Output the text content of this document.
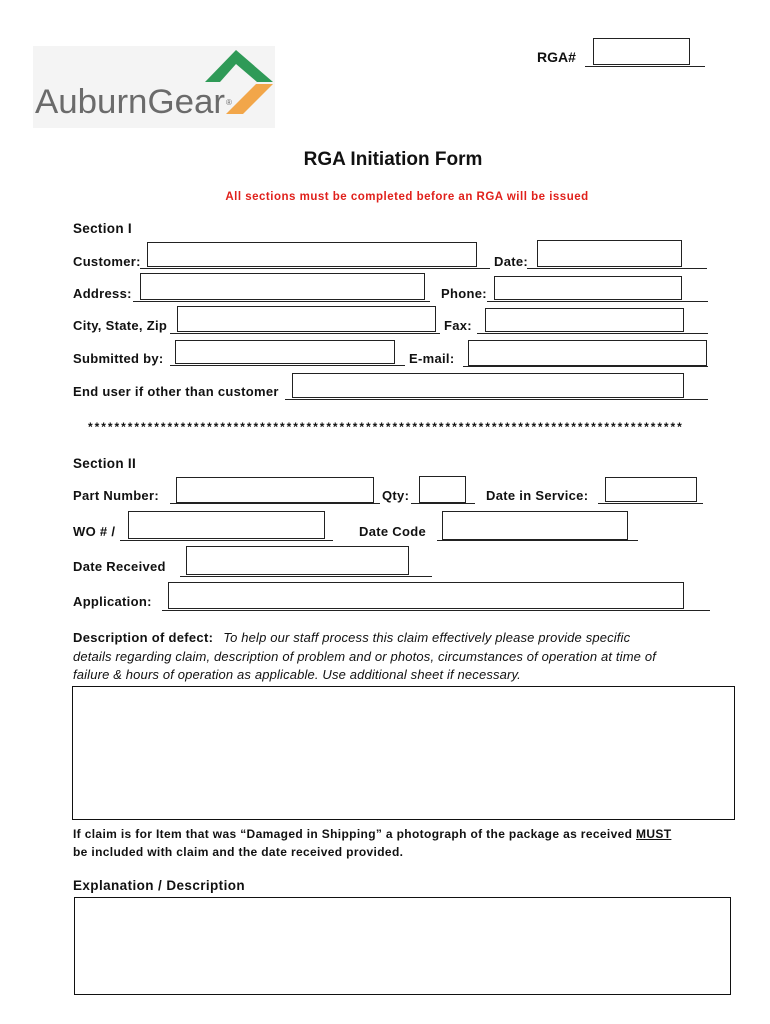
AuburnGear ®
RGA#
RGA Initiation Form
All sections must be completed before an RGA will be issued
Section I
Customer:	Date:
Address:	Phone:
City, State, Zip	Fax:
Submitted by:	E-mail:
End user if other than customer
******************************************************************************************
Section II
Part Number:	Qty:	Date in Service:
WO # /	Date Code
Date Received
Application:
Description of defect: To help our staff process this claim effectively please provide specific
details regarding claim, description of problem and or photos, circumstances of operation at time of
failure & hours of operation as applicable. Use additional sheet if necessary.
If claim is for Item that was “Damaged in Shipping” a photograph of the package as received MUST
be included with claim and the date received provided.
Explanation / Description
